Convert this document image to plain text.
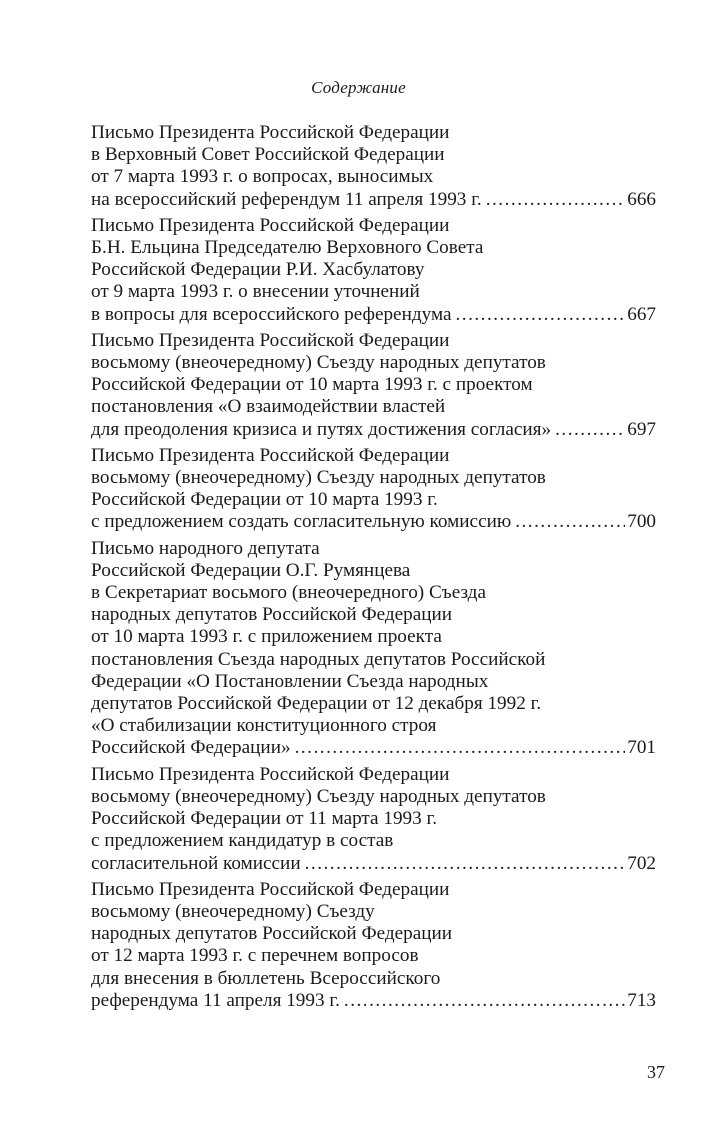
Содержание
Письмо Президента Российской Федерации
в Верховный Совет Российской Федерации
от 7 марта 1993 г. о вопросах, выносимых
на всероссийский референдум 11 апреля 1993 г. .....	666
Письмо Президента Российской Федерации
Б.Н. Ельцина Председателю Верховного Совета
Российской Федерации Р.И. Хасбулатову
от 9 марта 1993 г. о внесении уточнений
в вопросы для всероссийского референдума .....	667
Письмо Президента Российской Федерации
восьмому (внеочередному) Съезду народных депутатов
Российской Федерации от 10 марта 1993 г. с проектом
постановления «О взаимодействии властей
для преодоления кризиса и путях достижения согласия» .....	697
Письмо Президента Российской Федерации
восьмому (внеочередному) Съезду народных депутатов
Российской Федерации от 10 марта 1993 г.
с предложением создать согласительную комиссию .....	700
Письмо народного депутата
Российской Федерации О.Г. Румянцева
в Секретариат восьмого (внеочередного) Съезда
народных депутатов Российской Федерации
от 10 марта 1993 г. с приложением проекта
постановления Съезда народных депутатов Российской
Федерации «О Постановлении Съезда народных
депутатов Российской Федерации от 12 декабря 1992 г.
«О стабилизации конституционного строя
Российской Федерации» .....	701
Письмо Президента Российской Федерации
восьмому (внеочередному) Съезду народных депутатов
Российской Федерации от 11 марта 1993 г.
с предложением кандидатур в состав
согласительной комиссии .....	702
Письмо Президента Российской Федерации
восьмому (внеочередному) Съезду
народных депутатов Российской Федерации
от 12 марта 1993 г. с перечнем вопросов
для внесения в бюллетень Всероссийского
референдума 11 апреля 1993 г. .....	713
37
